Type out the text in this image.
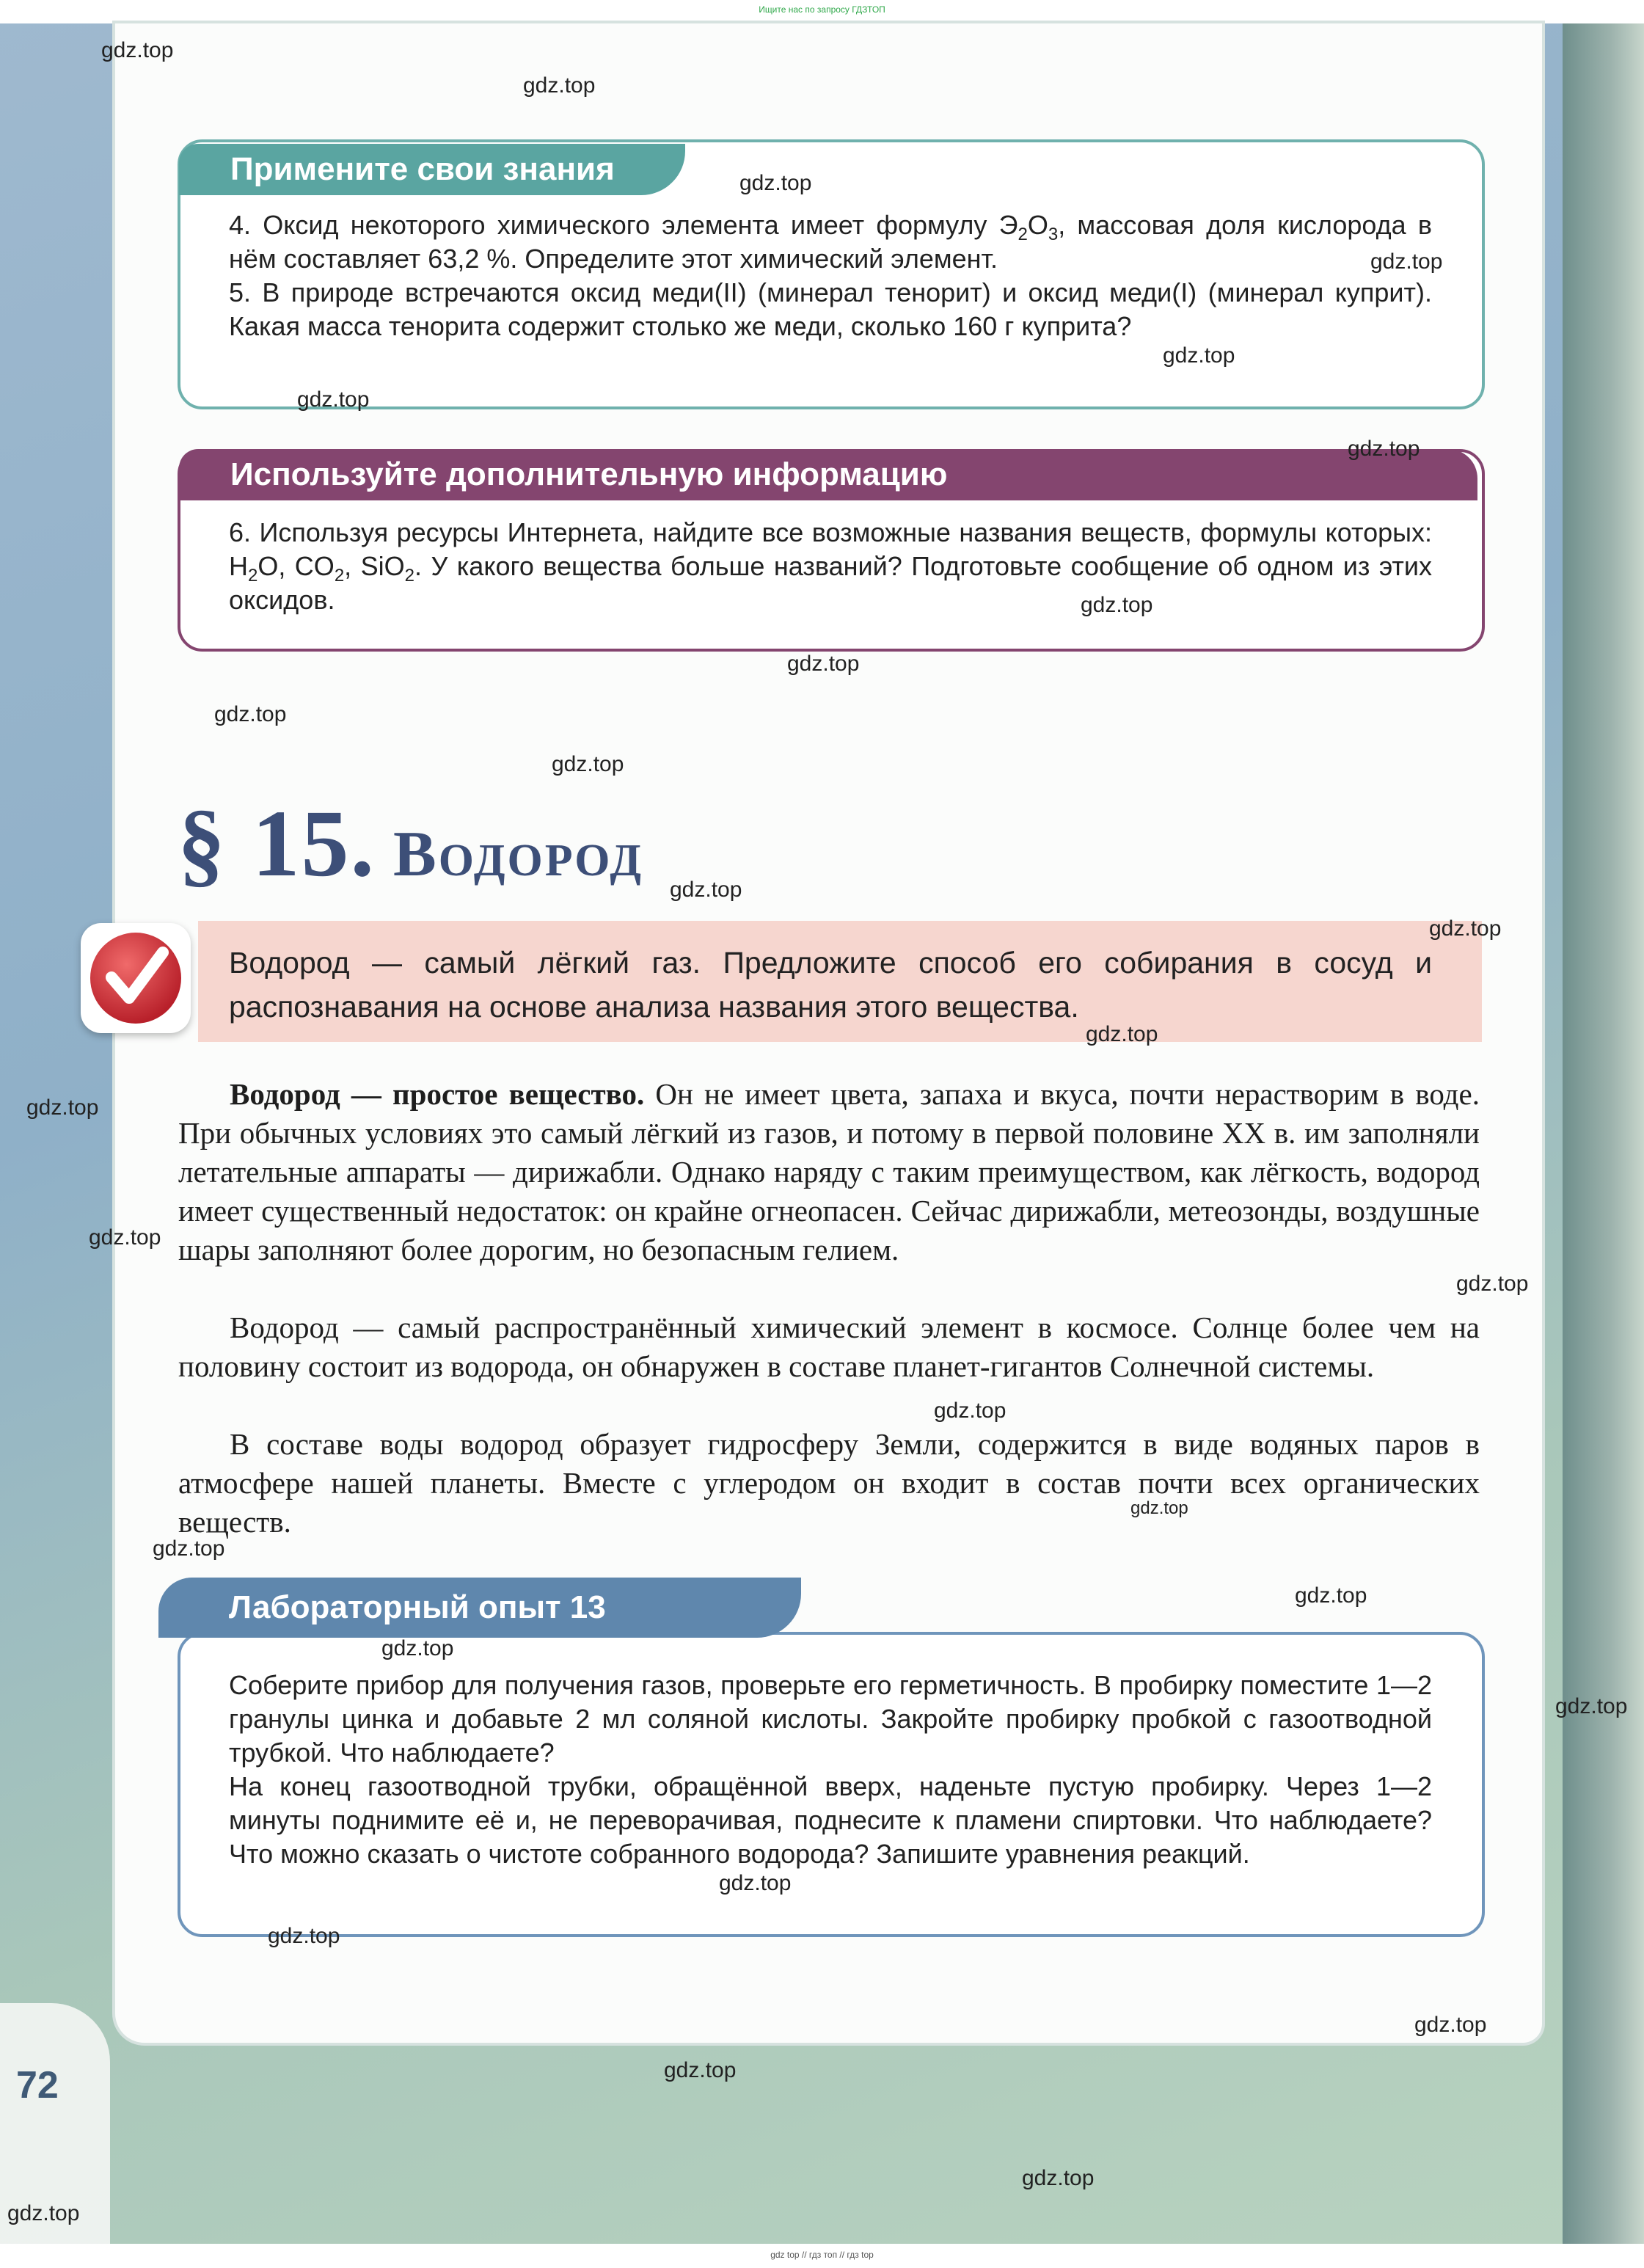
Ищите нас по запросу ГДЗТОП
Примените свои знания

4. Оксид некоторого химического элемента имеет формулу $Э_2O_3$, массовая доля кислорода в нём составляет 63,2 %. Определите этот химический элемент.

5. В природе встречаются оксид меди(II) (минерал тенорит) и оксид меди(I) (минерал куприт). Какая масса тенорита содержит столько же меди, сколько 160 г куприта?

Используйте дополнительную информацию

6. Используя ресурсы Интернета, найдите все возможные названия веществ, формулы которых: $H_2O$, $CO_2$, SiO$_2$. У какого вещества больше названий? Подготовьте сообщение об одном из этих оксидов.

§ 15. Водород

Водород — самый лёгкий газ. Предложите способ его собирания в сосуд и распознавания на основе анализа названия этого вещества.

Водород — простое вещество. Он не имеет цвета, запаха и вкуса, почти нерастворим в воде. При обычных условиях это самый лёгкий из газов, и потому в первой половине XX в. им заполняли летательные аппараты — дирижабли. Однако наряду с таким преимуществом, как лёгкость, водород имеет существенный недостаток: он крайне огнеопасен. Сейчас дирижабли, метеозонды, воздушные шары заполняют более дорогим, но безопасным гелием.

Водород — самый распространённый химический элемент в космосе. Солнце более чем на половину состоит из водорода, он обнаружен в составе планет-гигантов Солнечной системы.

В составе воды водород образует гидросферу Земли, содержится в виде водяных паров в атмосфере нашей планеты. Вместе с углеродом он входит в состав почти всех органических веществ.

Лабораторный опыт 13

Соберите прибор для получения газов, проверьте его герметичность. В пробирку поместите 1—2 гранулы цинка и добавьте 2 мл соляной кислоты. Закройте пробирку пробкой с газоотводной трубкой. Что наблюдаете?

На конец газоотводной трубки, обращённой вверх, наденьте пустую пробирку. Через 1—2 минуты поднимите её и, не переворачивая, поднесите к пламени спиртовки. Что наблюдаете? Что можно сказать о чистоте собранного водорода? Запишите уравнения реакций.

72
gdz.top
gdz.top
gdz.top
gdz.top
gdz.top
gdz.top
gdz.top
gdz.top
gdz.top
gdz.top
gdz.top
gdz.top
gdz.top
gdz.top
gdz.top
gdz.top
gdz.top
gdz.top
gdz.top
gdz.top
gdz.top
gdz.top
gdz.top
gdz.top
gdz.top
gdz.top
gdz.top
gdz.top
gdz.top
gdz top // гдз топ // гдз top
